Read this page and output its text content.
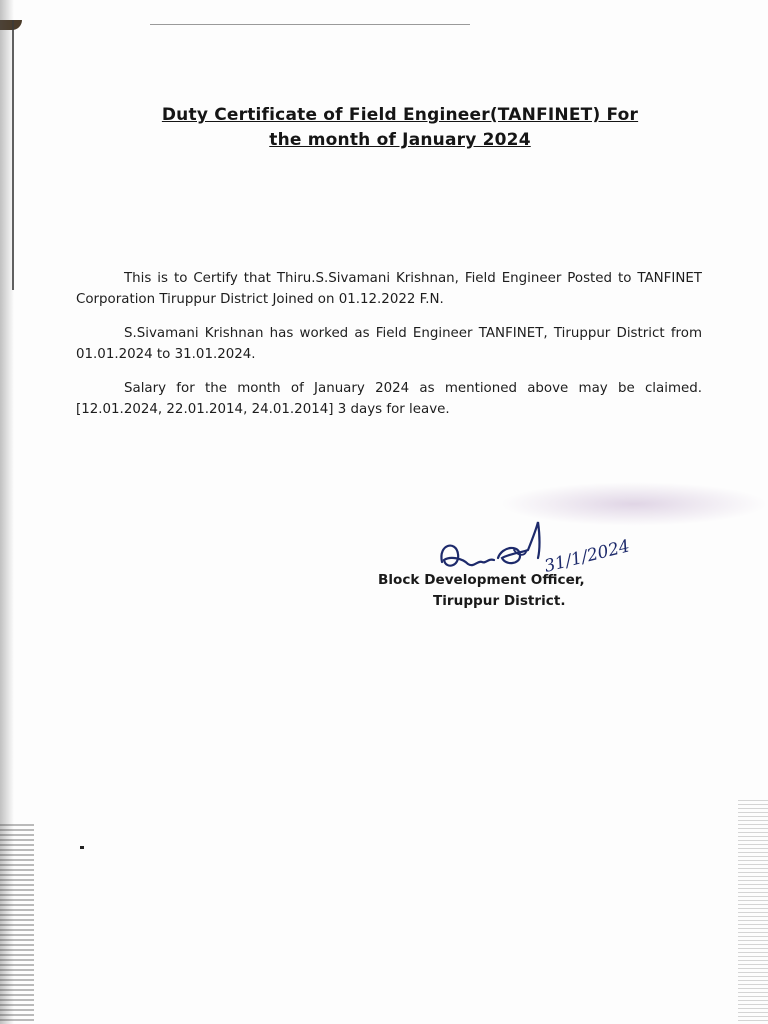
Duty Certificate of Field Engineer(TANFINET) For
the month of January 2024

This is to Certify that Thiru.S.Sivamani Krishnan, Field Engineer Posted to TANFINET Corporation Tiruppur District Joined on 01.12.2022 F.N.

S.Sivamani Krishnan has worked as Field Engineer TANFINET, Tiruppur District from 01.01.2024 to 31.01.2024.

Salary for the month of January 2024 as mentioned above may be claimed. [12.01.2024, 22.01.2014, 24.01.2014] 3 days for leave.

31/1/2024
Block Development Officer,
Tiruppur District.
